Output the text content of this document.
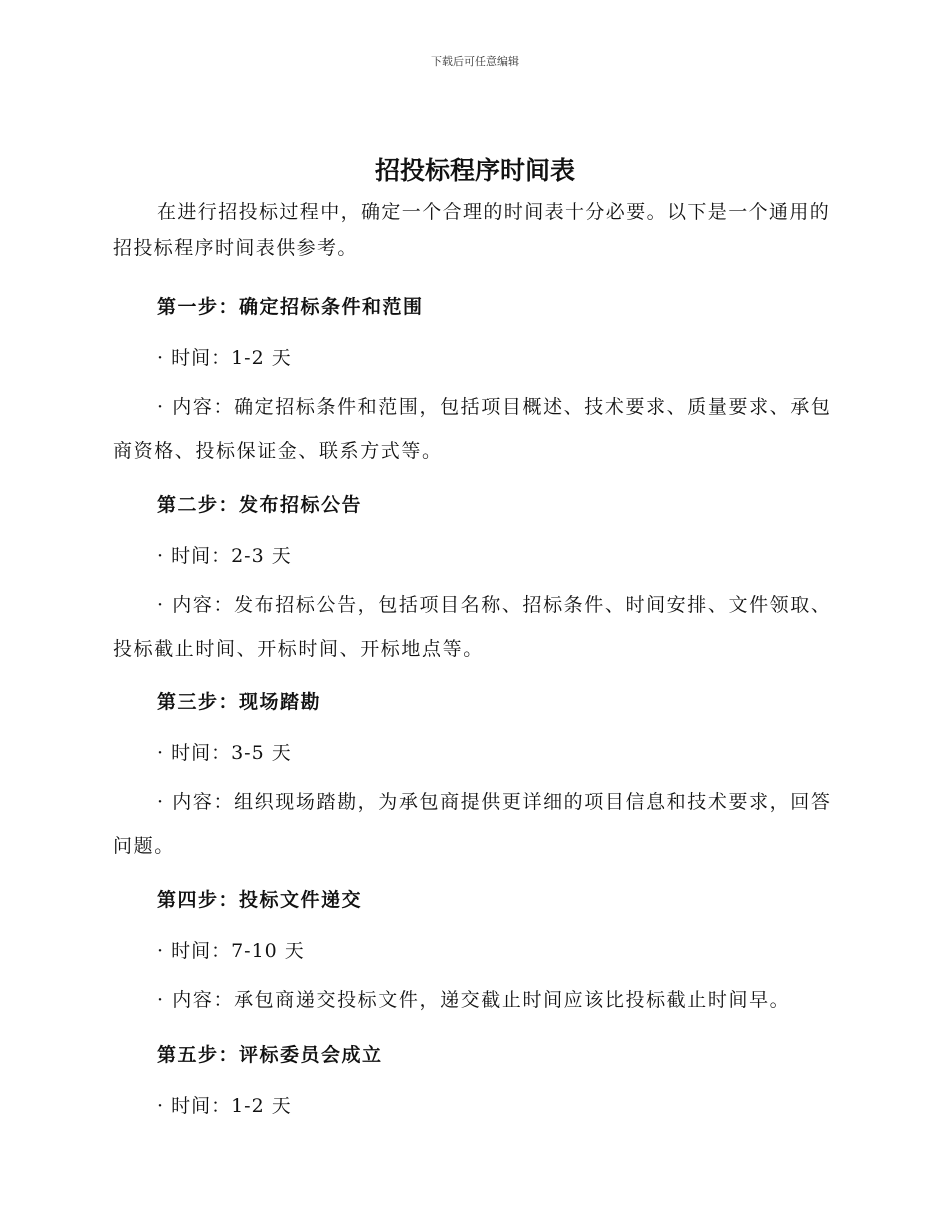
下载后可任意编辑
招投标程序时间表
在进行招投标过程中，确定一个合理的时间表十分必要。以下是一个通用的招投标程序时间表供参考。
第一步：确定招标条件和范围
· 时间：1-2 天
· 内容：确定招标条件和范围，包括项目概述、技术要求、质量要求、承包商资格、投标保证金、联系方式等。
第二步：发布招标公告
· 时间：2-3 天
· 内容：发布招标公告，包括项目名称、招标条件、时间安排、文件领取、投标截止时间、开标时间、开标地点等。
第三步：现场踏勘
· 时间：3-5 天
· 内容：组织现场踏勘，为承包商提供更详细的项目信息和技术要求，回答问题。
第四步：投标文件递交
· 时间：7-10 天
· 内容：承包商递交投标文件，递交截止时间应该比投标截止时间早。
第五步：评标委员会成立
· 时间：1-2 天
